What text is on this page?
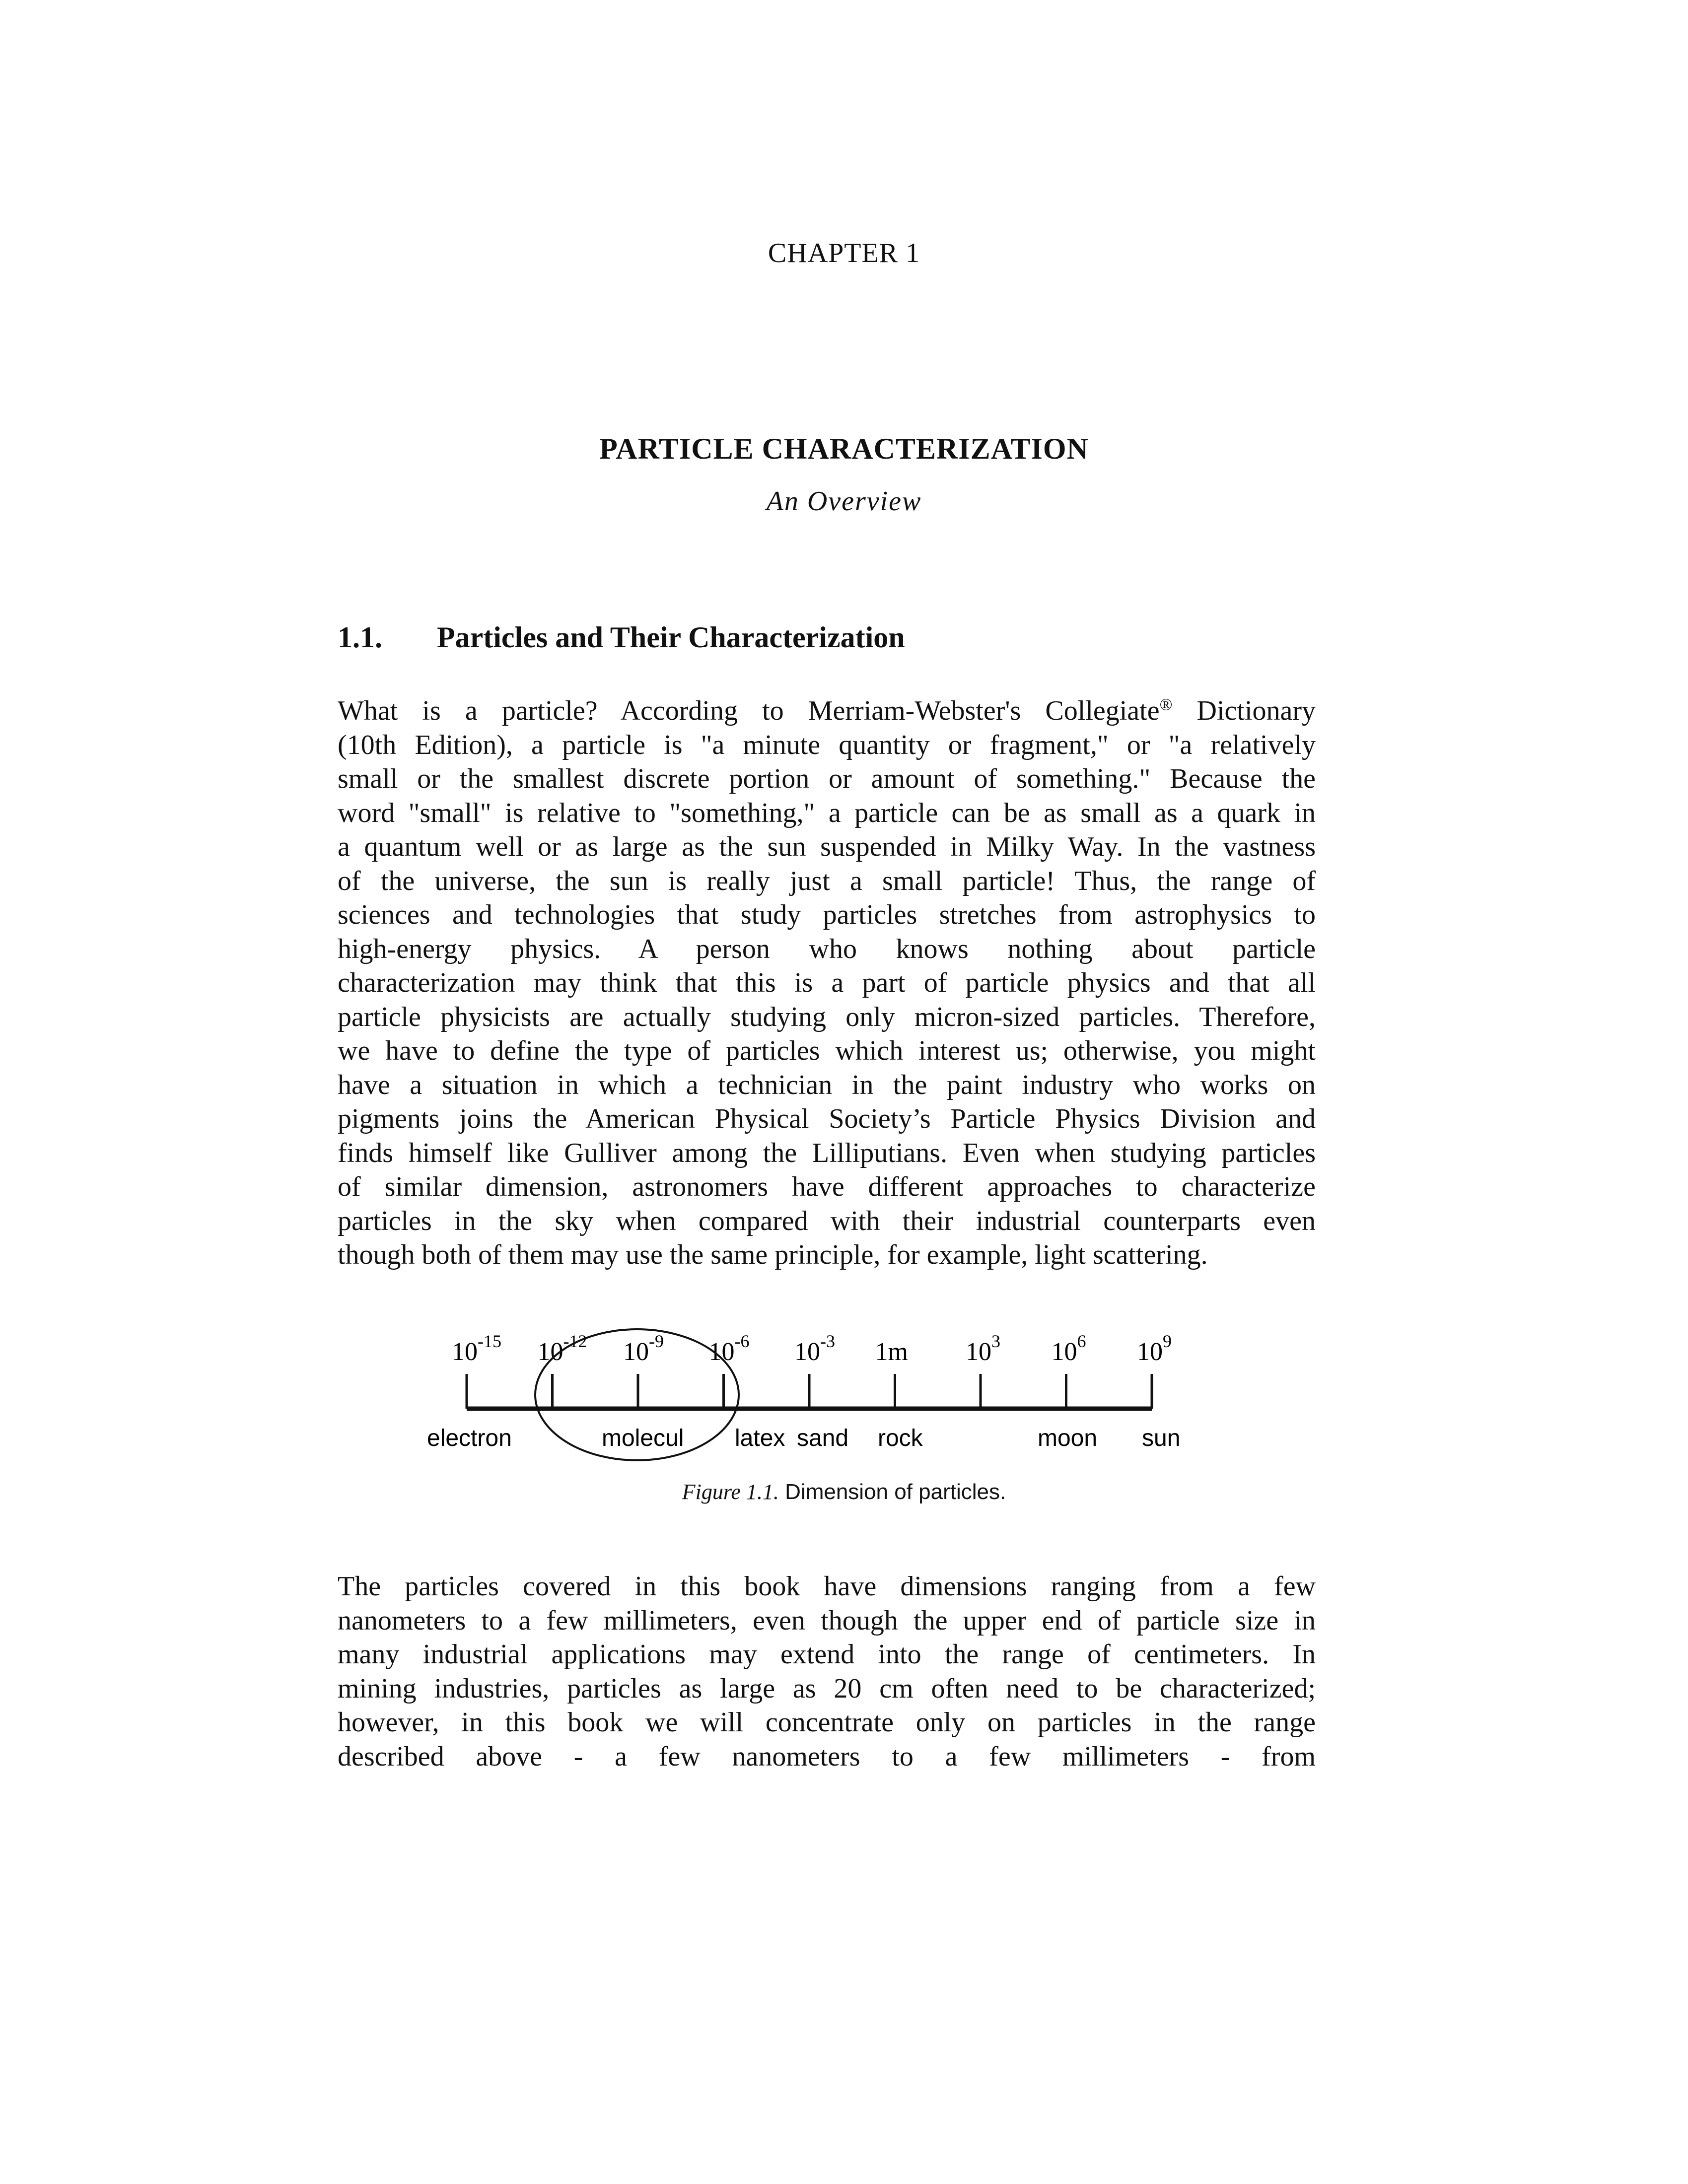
CHAPTER 1
PARTICLE CHARACTERIZATION
An Overview
1.1. Particles and Their Characterization
What is a particle? According to Merriam-Webster's Collegiate® Dictionary
(10th Edition), a particle is "a minute quantity or fragment," or "a relatively
small or the smallest discrete portion or amount of something." Because the
word "small" is relative to "something," a particle can be as small as a quark in
a quantum well or as large as the sun suspended in Milky Way. In the vastness
of the universe, the sun is really just a small particle! Thus, the range of
sciences and technologies that study particles stretches from astrophysics to
high-energy physics. A person who knows nothing about particle
characterization may think that this is a part of particle physics and that all
particle physicists are actually studying only micron-sized particles. Therefore,
we have to define the type of particles which interest us; otherwise, you might
have a situation in which a technician in the paint industry who works on
pigments joins the American Physical Society’s Particle Physics Division and
finds himself like Gulliver among the Lilliputians. Even when studying particles
of similar dimension, astronomers have different approaches to characterize
particles in the sky when compared with their industrial counterparts even
though both of them may use the same principle, for example, light scattering.
$10^{-15}$ $10^{-12}$ $10^{-9}$ $10^{-6}$ $10^{-3}$ 1m $10^3$ $10^6$ $10^9$
electron	molecul latex sand rock	moon sun
Figure 1.1. Dimension of particles.
The particles covered in this book have dimensions ranging from a few
nanometers to a few millimeters, even though the upper end of particle size in
many industrial applications may extend into the range of centimeters. In
mining industries, particles as large as 20 cm often need to be characterized;
however, in this book we will concentrate only on particles in the range
described above - a few nanometers to a few millimeters - from
